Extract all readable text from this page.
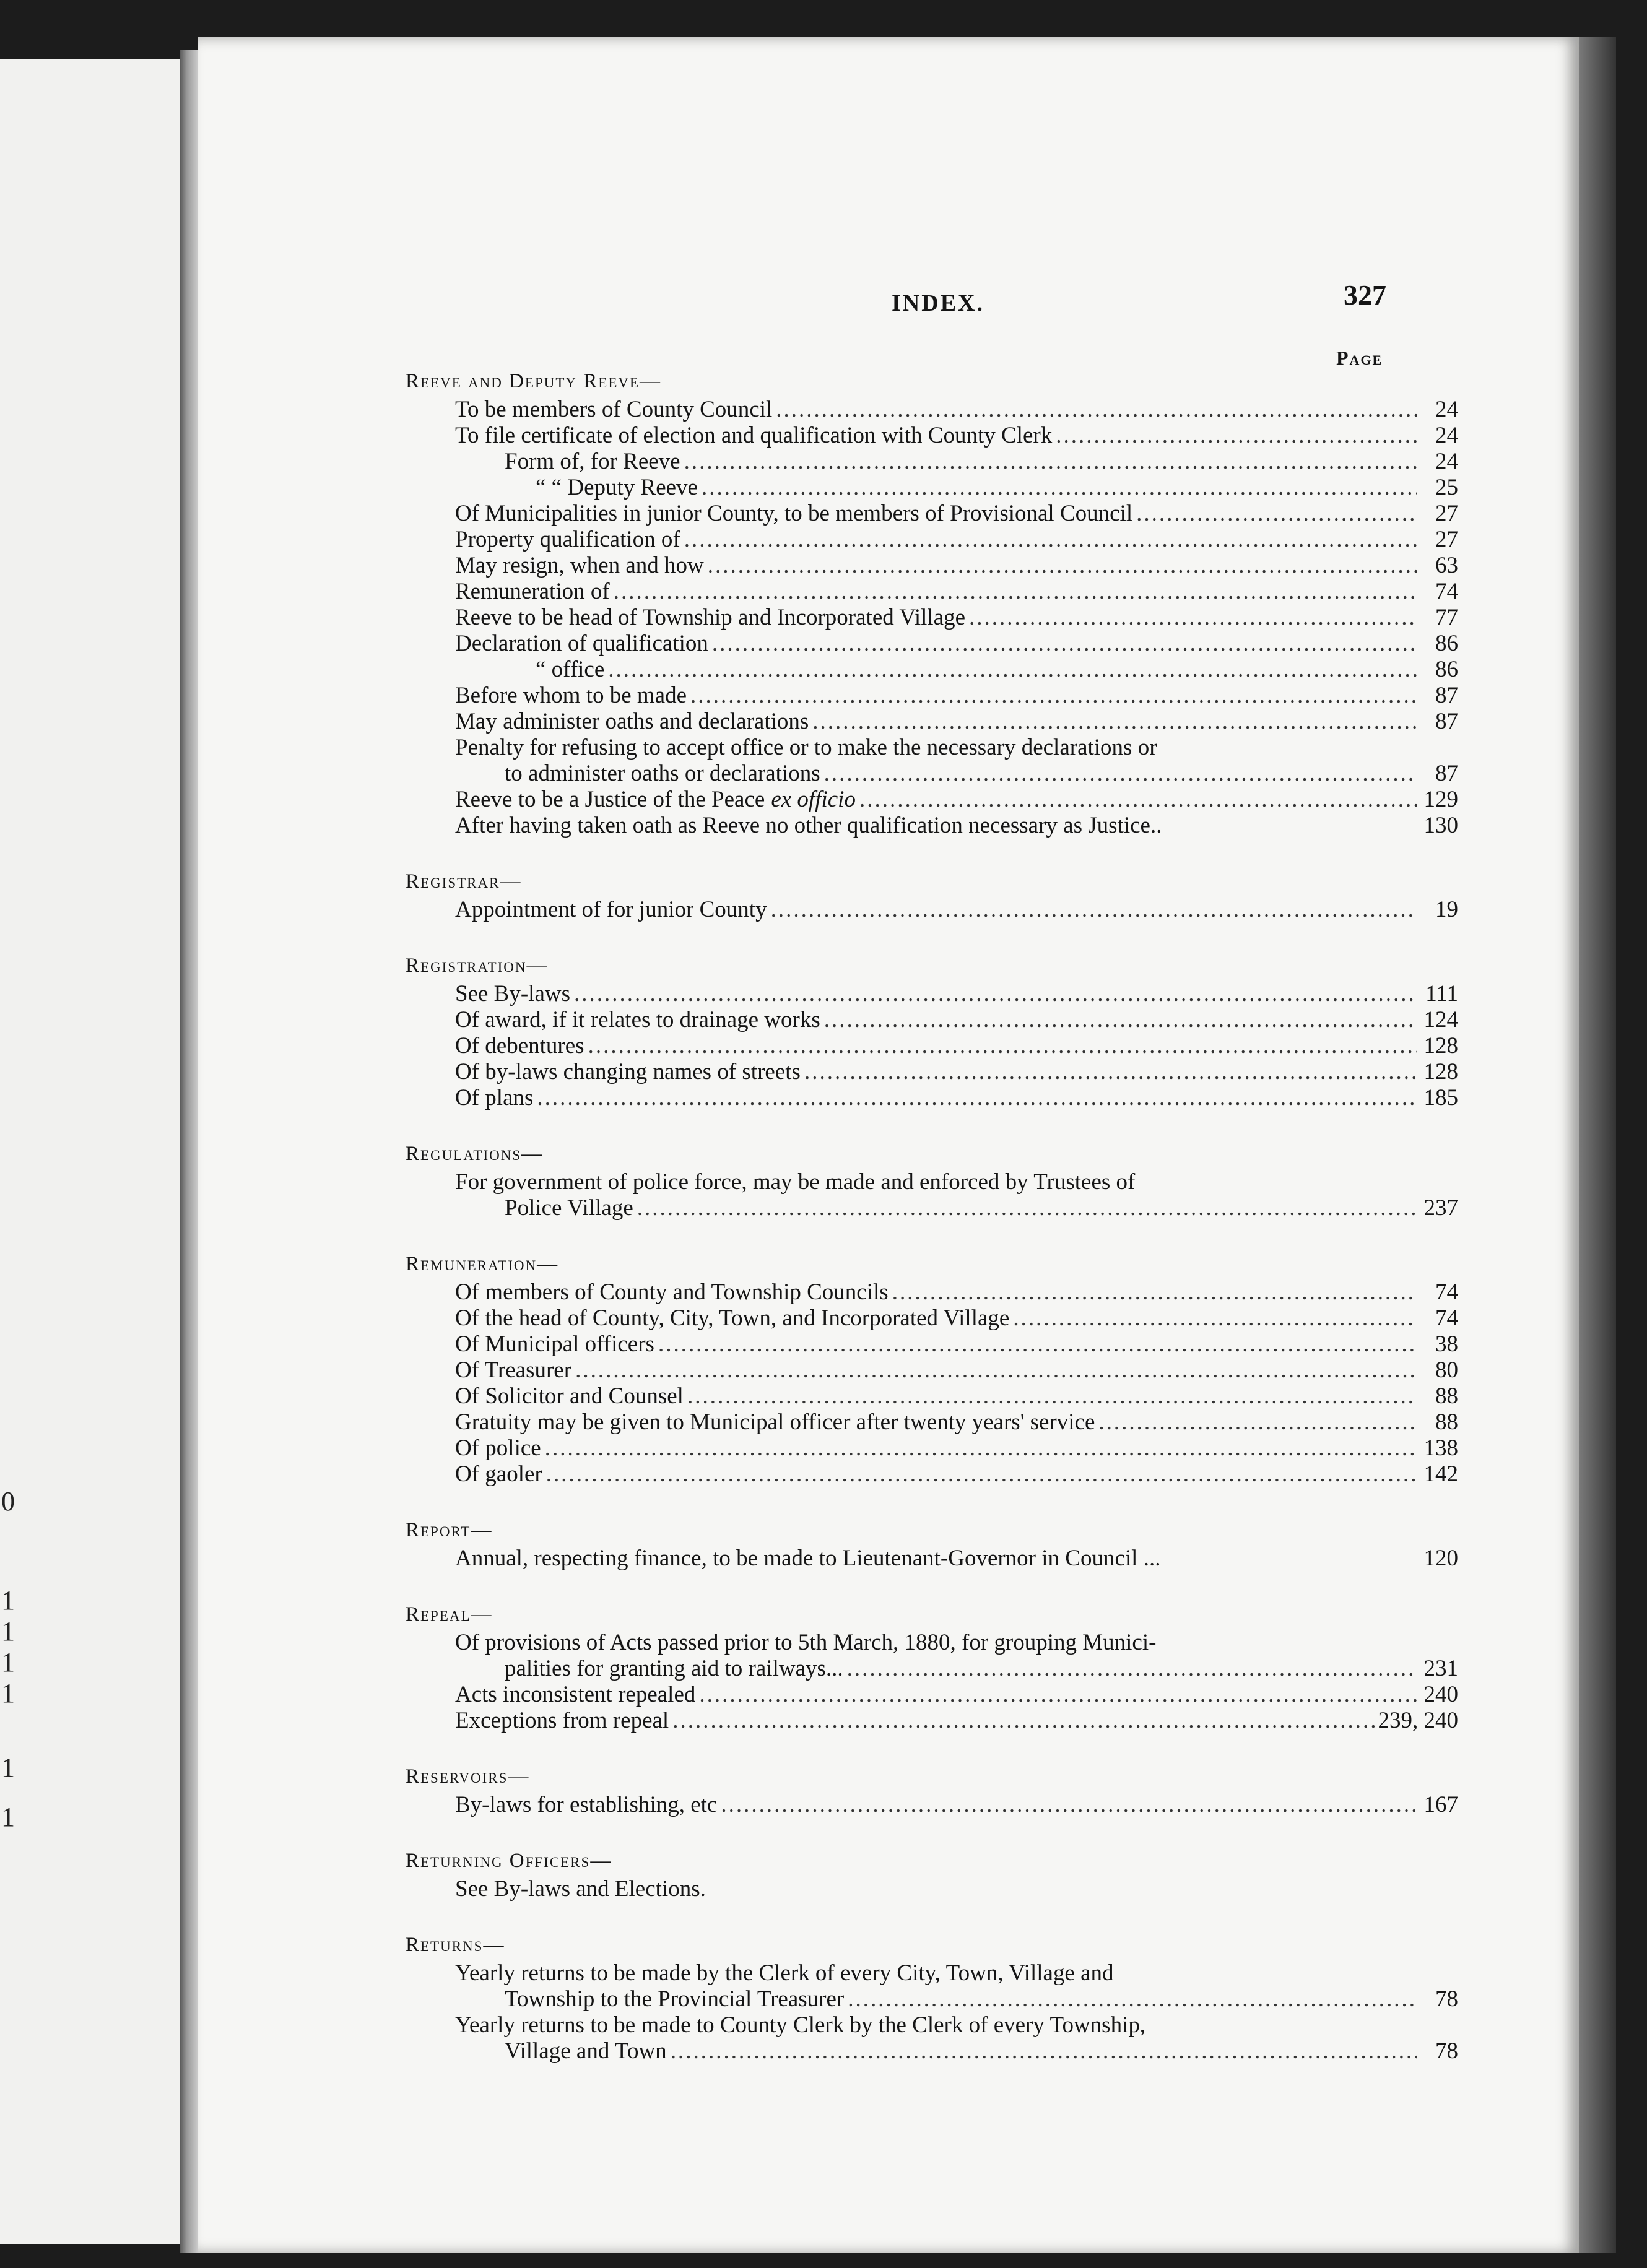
INDEX.	327
Page
Reeve and Deputy Reeve—
To be members of County Council .....	24
To file certificate of election and qualification with County Clerk .....	24
Form of, for Reeve .....	24
“ “ Deputy Reeve .....	25
Of Municipalities in junior County, to be members of Provisional Council .....	27
Property qualification of .....	27
May resign, when and how .....	63
Remuneration of .....	74
Reeve to be head of Township and Incorporated Village .....	77
Declaration of qualification .....	86
“ office .....	86
Before whom to be made .....	87
May administer oaths and declarations .....	87
Penalty for refusing to accept office or to make the necessary declarations or
to administer oaths or declarations .....	87
Reeve to be a Justice of the Peace ex officio .....	129
After having taken oath as Reeve no other qualification necessary as Justice..	130
Registrar—
Appointment of for junior County .....	19
Registration—
See By-laws .....	111
Of award, if it relates to drainage works .....	124
Of debentures .....	128
Of by-laws changing names of streets .....	128
Of plans .....	185
Regulations—
For government of police force, may be made and enforced by Trustees of
Police Village .....	237
Remuneration—
Of members of County and Township Councils .....	74
Of the head of County, City, Town, and Incorporated Village .....	74
Of Municipal officers .....	38
Of Treasurer .....	80
Of Solicitor and Counsel .....	88
Gratuity may be given to Municipal officer after twenty years' service .....	88
Of police .....	138
Of gaoler .....	142
Report—
Annual, respecting finance, to be made to Lieutenant-Governor in Council ...	120
Repeal—
Of provisions of Acts passed prior to 5th March, 1880, for grouping Munici-
palities for granting aid to railways... .....	231
Acts inconsistent repealed .....	240
Exceptions from repeal .....	239, 240
Reservoirs—
By-laws for establishing, etc .....	167
Returning Officers—
See By-laws and Elections.
Returns—
Yearly returns to be made by the Clerk of every City, Town, Village and
Township to the Provincial Treasurer .....	78
Yearly returns to be made to County Clerk by the Clerk of every Township,
Village and Town .....	78
0
1
1
1
1
1
1
